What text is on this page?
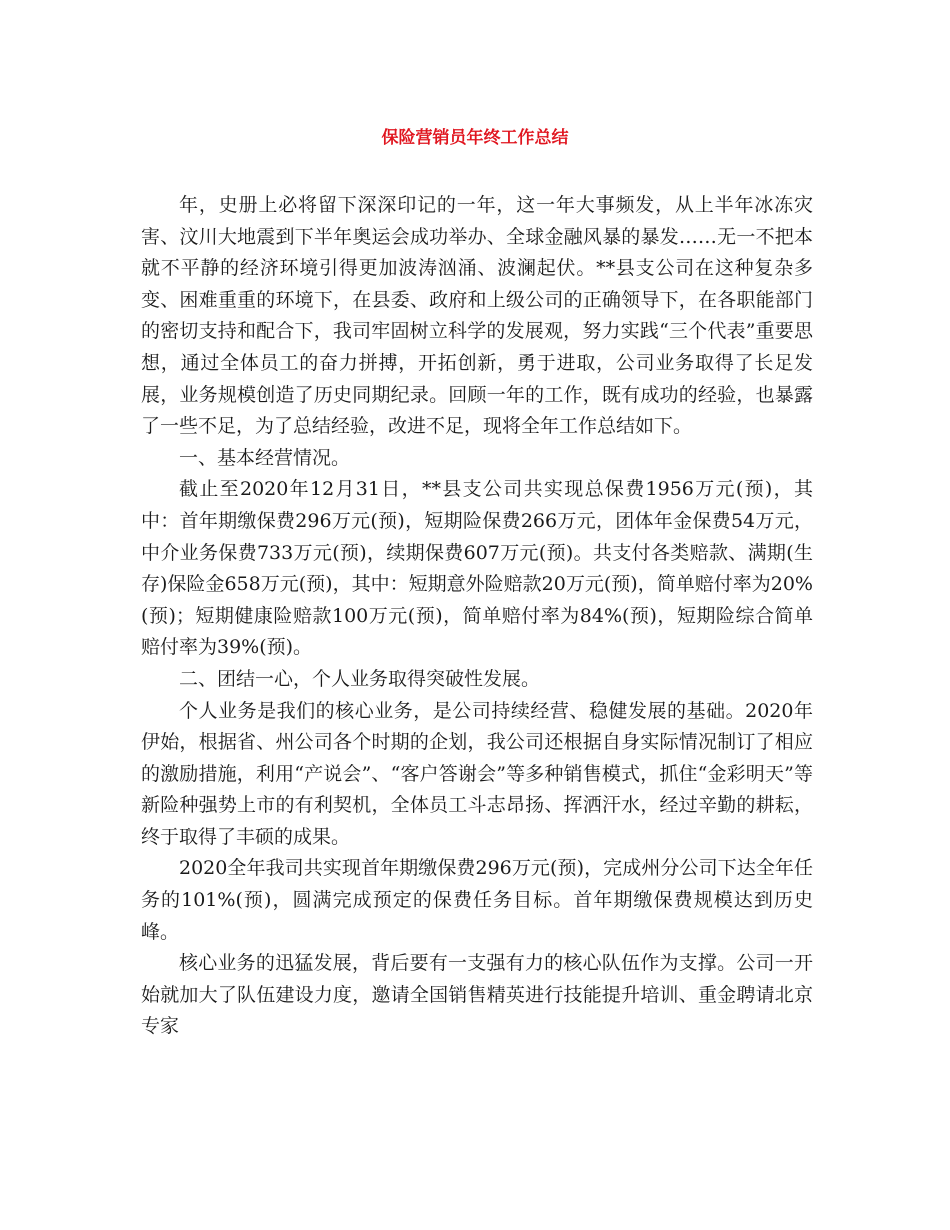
保险营销员年终工作总结

年，史册上必将留下深深印记的一年，这一年大事频发，从上半年冰冻灾害、汶川大地震到下半年奥运会成功举办、全球金融风暴的暴发……无一不把本就不平静的经济环境引得更加波涛汹涌、波澜起伏。**县支公司在这种复杂多变、困难重重的环境下，在县委、政府和上级公司的正确领导下，在各职能部门的密切支持和配合下，我司牢固树立科学的发展观，努力实践“三个代表”重要思想，通过全体员工的奋力拼搏，开拓创新，勇于进取，公司业务取得了长足发展，业务规模创造了历史同期纪录。回顾一年的工作，既有成功的经验，也暴露了一些不足，为了总结经验，改进不足，现将全年工作总结如下。

一、基本经营情况。

截止至2020年12月31日，**县支公司共实现总保费1956万元(预)，其中：首年期缴保费296万元(预)，短期险保费266万元，团体年金保费54万元，中介业务保费733万元(预)，续期保费607万元(预)。共支付各类赔款、满期(生存)保险金658万元(预)，其中：短期意外险赔款20万元(预)，简单赔付率为20%(预)；短期健康险赔款100万元(预)，简单赔付率为84%(预)，短期险综合简单赔付率为39%(预)。

二、团结一心，个人业务取得突破性发展。

个人业务是我们的核心业务，是公司持续经营、稳健发展的基础。2020年伊始，根据省、州公司各个时期的企划，我公司还根据自身实际情况制订了相应的激励措施，利用“产说会”、“客户答谢会”等多种销售模式，抓住“金彩明天”等新险种强势上市的有利契机，全体员工斗志昂扬、挥洒汗水，经过辛勤的耕耘，终于取得了丰硕的成果。

2020全年我司共实现首年期缴保费296万元(预)，完成州分公司下达全年任务的101%(预)，圆满完成预定的保费任务目标。首年期缴保费规模达到历史峰。

核心业务的迅猛发展，背后要有一支强有力的核心队伍作为支撑。公司一开始就加大了队伍建设力度，邀请全国销售精英进行技能提升培训、重金聘请北京专家
